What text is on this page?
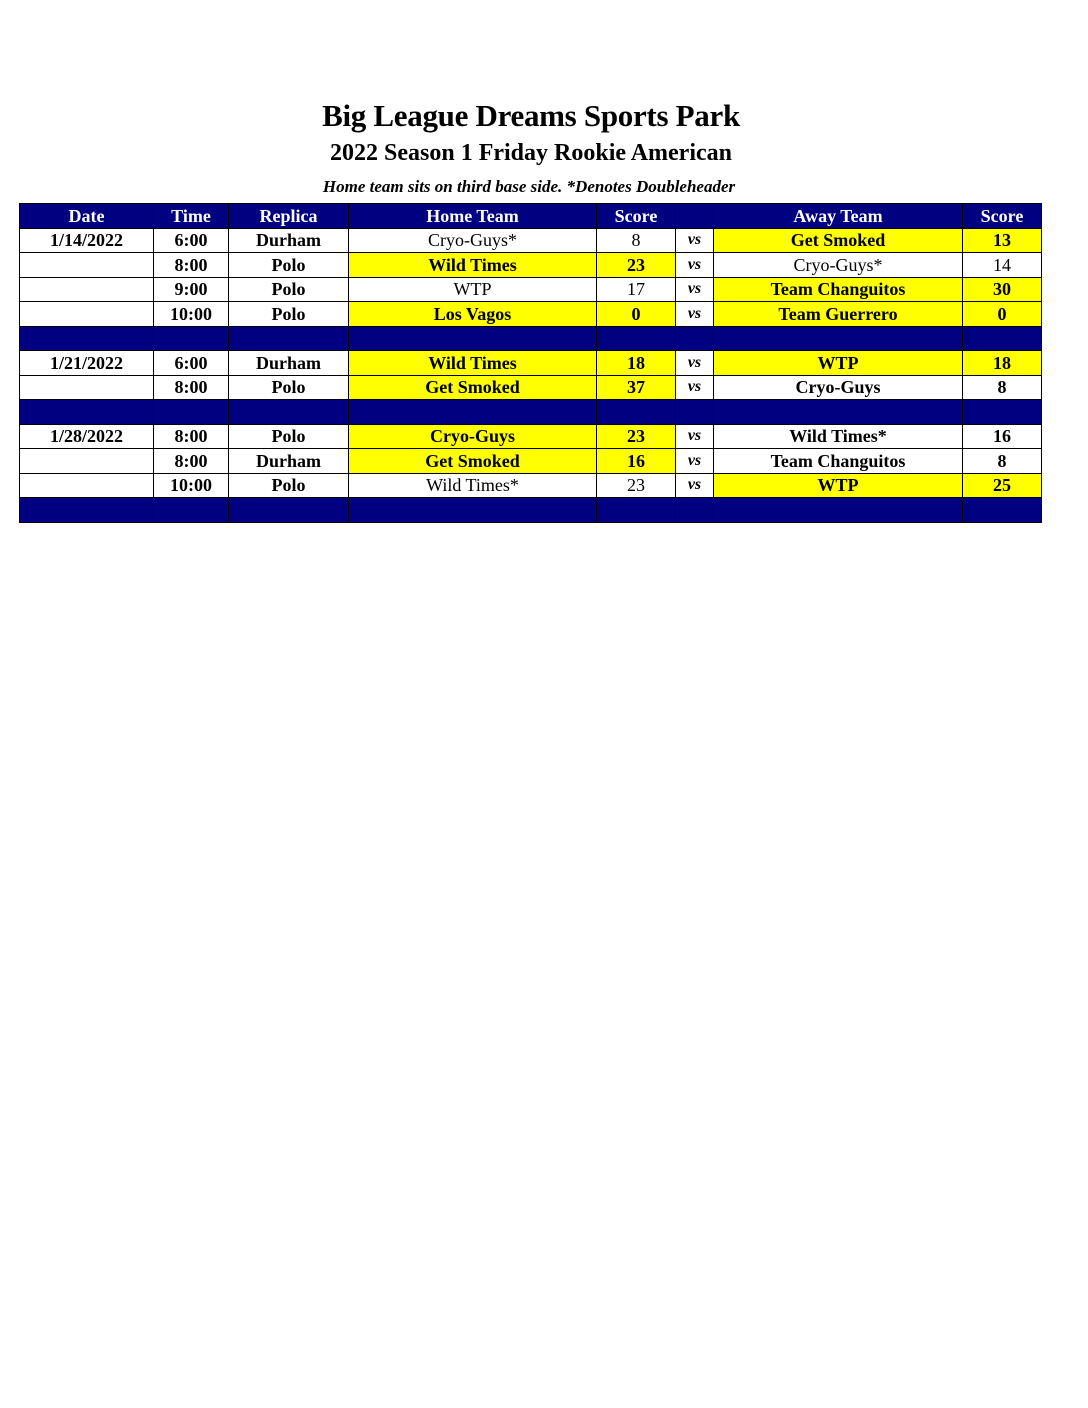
Big League Dreams Sports Park
2022 Season 1 Friday Rookie American
Home team sits on third base side. *Denotes Doubleheader
Date	Time	Replica	Home Team	Score		Away Team	Score
1/14/2022	6:00	Durham	Cryo-Guys*	8	vs	Get Smoked	13
	8:00	Polo	Wild Times	23	vs	Cryo-Guys*	14
	9:00	Polo	WTP	17	vs	Team Changuitos	30
	10:00	Polo	Los Vagos	0	vs	Team Guerrero	0

1/21/2022	6:00	Durham	Wild Times	18	vs	WTP	18
	8:00	Polo	Get Smoked	37	vs	Cryo-Guys	8

1/28/2022	8:00	Polo	Cryo-Guys	23	vs	Wild Times*	16
	8:00	Durham	Get Smoked	16	vs	Team Changuitos	8
	10:00	Polo	Wild Times*	23	vs	WTP	25
